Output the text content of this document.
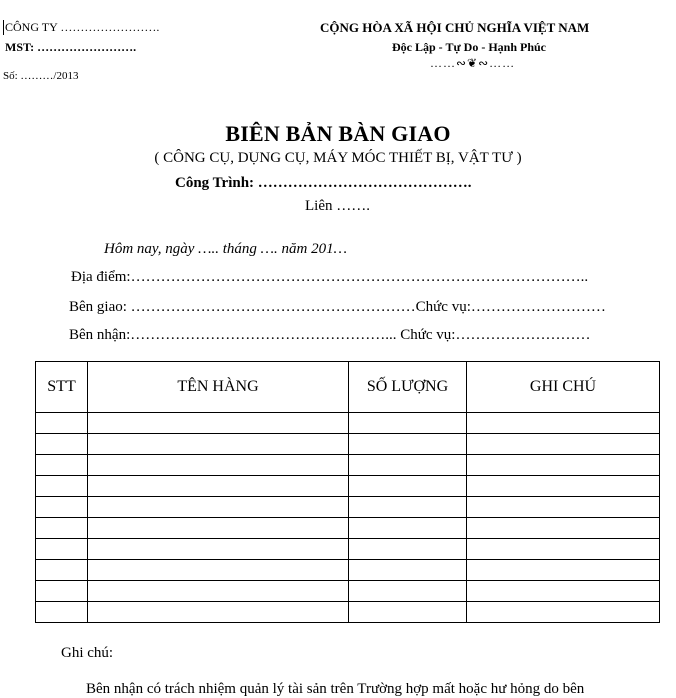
CÔNG TY …………………….
MST: …………………….
Số: ………/2013
CỘNG HÒA XÃ HỘI CHỦ NGHĨA VIỆT NAM
Độc Lập - Tự Do - Hạnh Phúc
……∾❦∾……
BIÊN BẢN BÀN GIAO
( CÔNG CỤ, DỤNG CỤ, MÁY MÓC THIẾT BỊ, VẬT TƯ )
Công Trình: …………………………………….
Liên …….
Hôm nay, ngày ….. tháng …. năm 201…
Địa điểm:………………………………………………………………………………..
Bên giao: …………………………………………………Chức vụ:………………………
Bên nhận:……………………………………………... Chức vụ:………………………
STT	TÊN HÀNG	SỐ LƯỢNG	GHI CHÚ

Ghi chú:
Bên nhận có trách nhiệm quản lý tài sản trên Trường hợp mất hoặc hư hỏng do bên
